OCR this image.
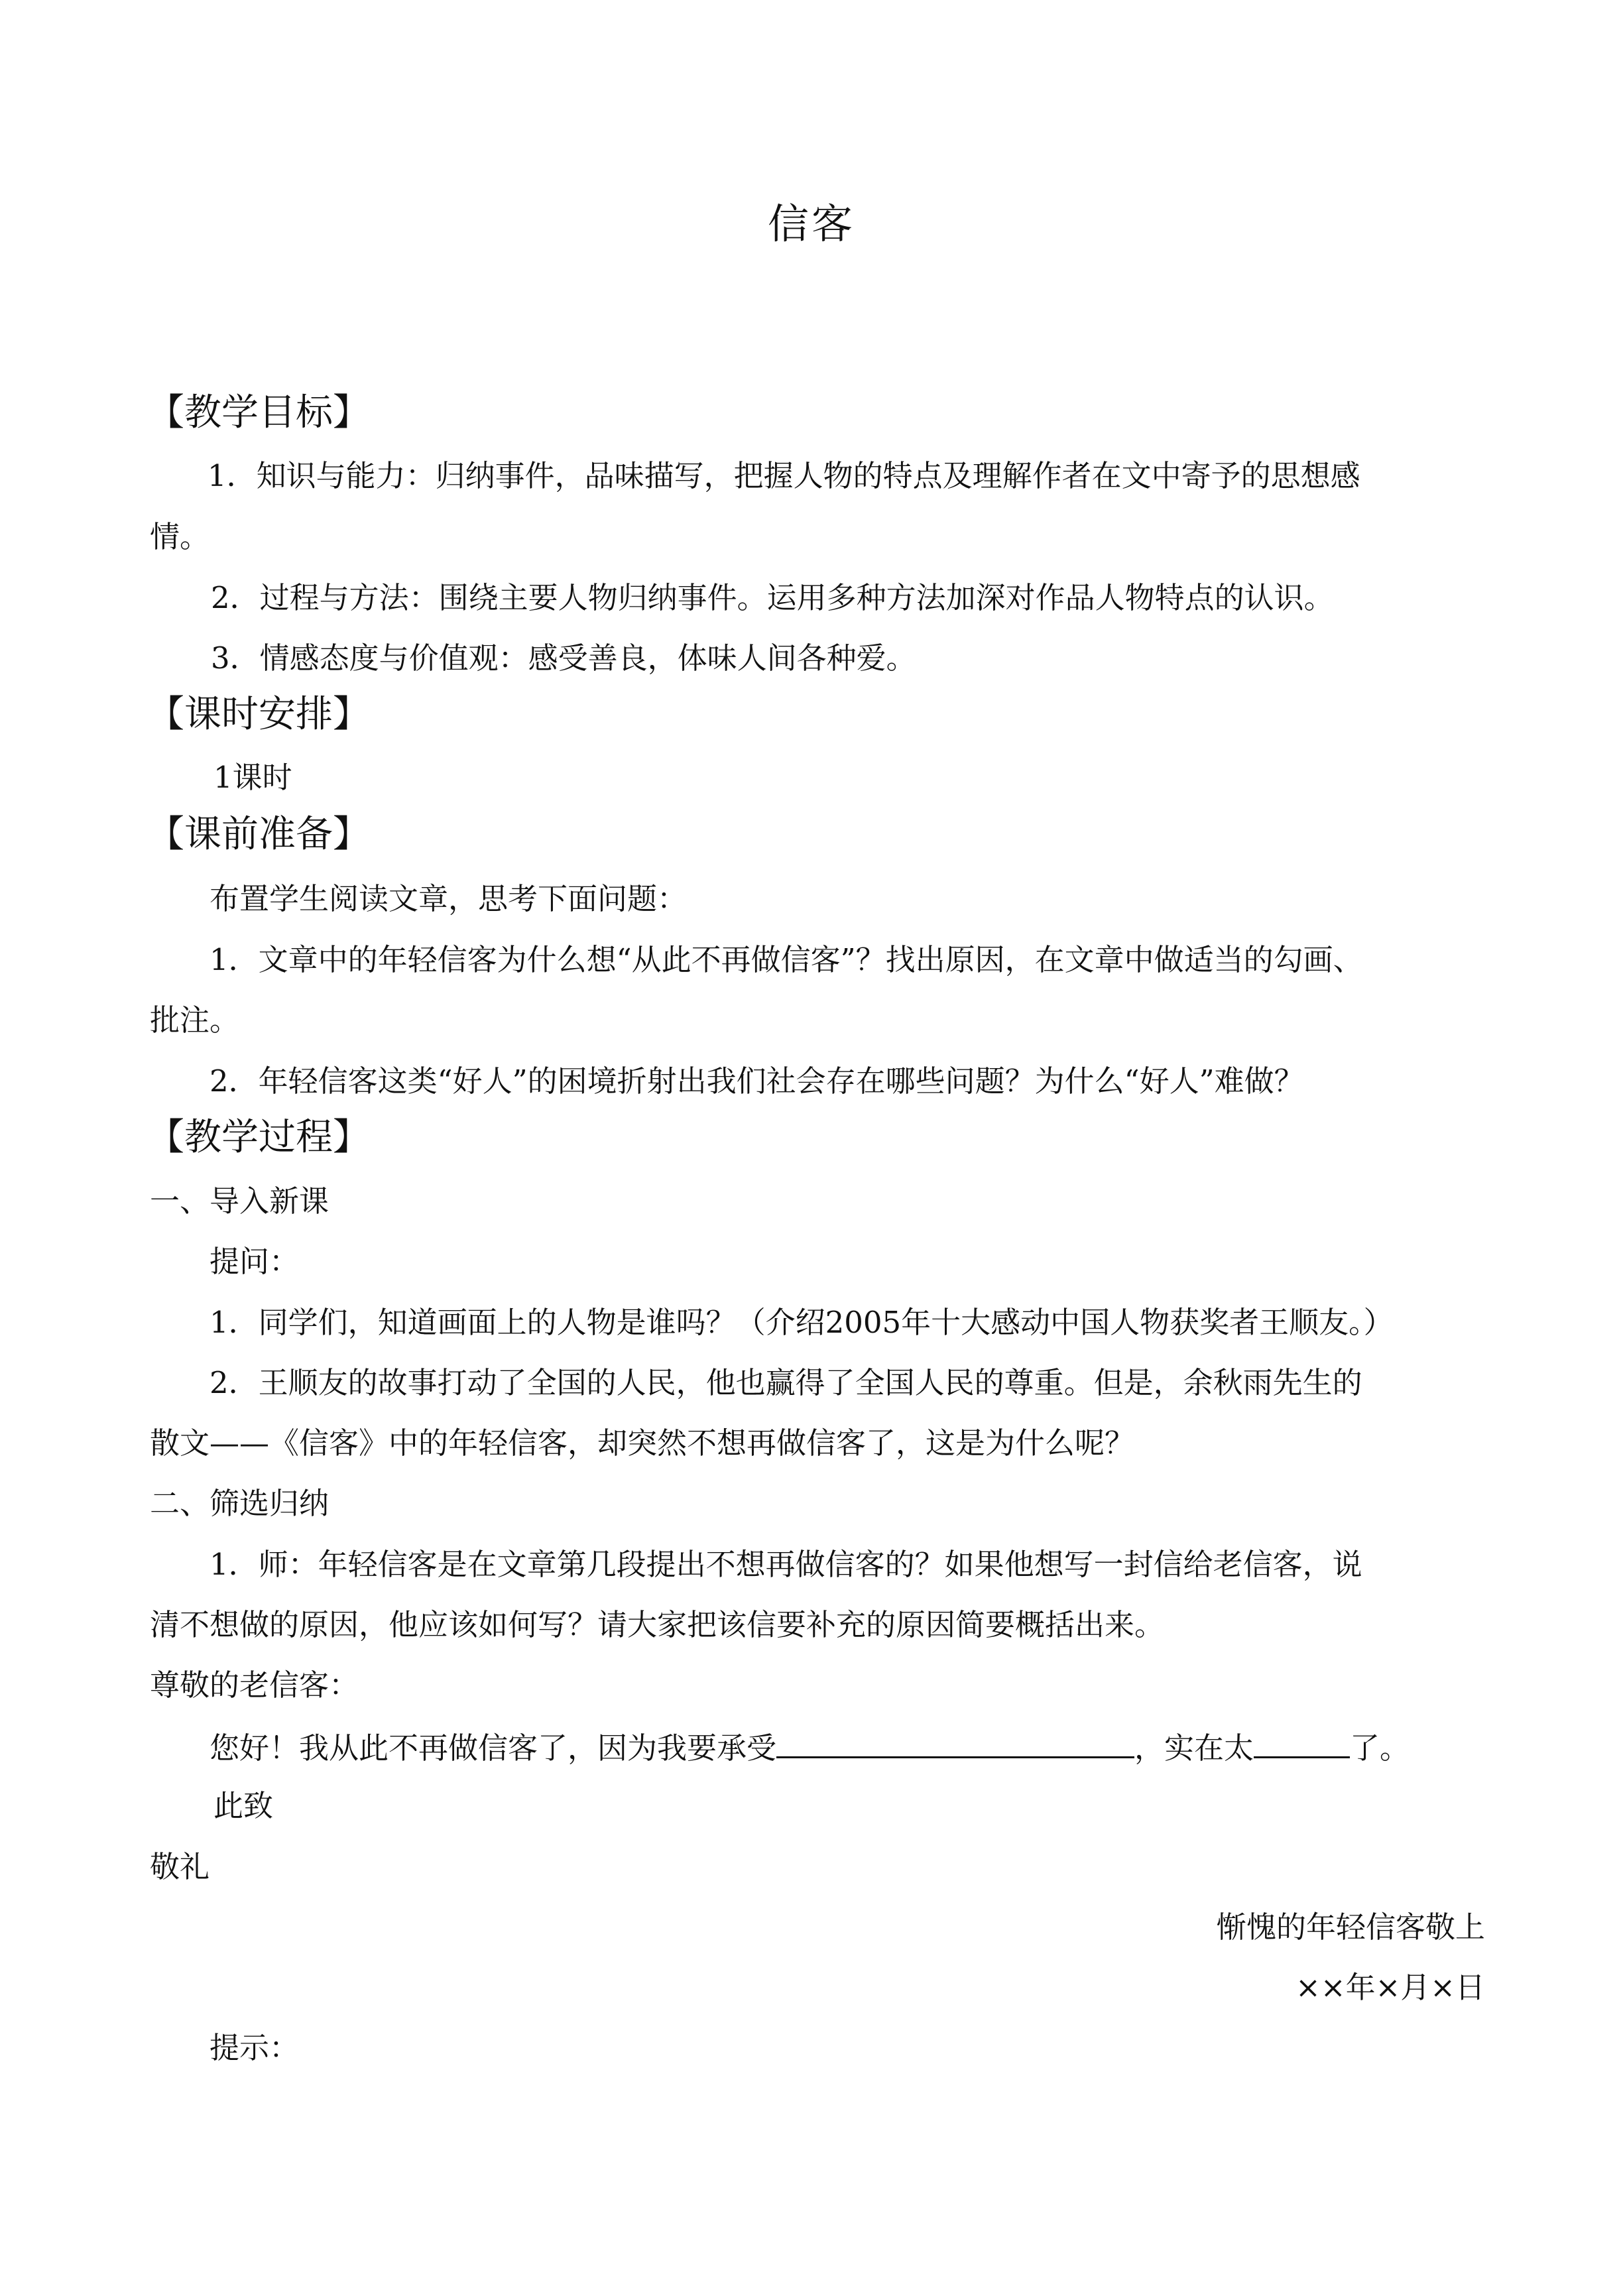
信客
【教学目标】
1．知识与能力：归纳事件，品味描写，把握人物的特点及理解作者在文中寄予的思想感
情。
2．过程与方法：围绕主要人物归纳事件。运用多种方法加深对作品人物特点的认识。
3．情感态度与价值观：感受善良，体味人间各种爱。
【课时安排】
1课时
【课前准备】
布置学生阅读文章，思考下面问题：
1．文章中的年轻信客为什么想“从此不再做信客”？找出原因，在文章中做适当的勾画、
批注。
2．年轻信客这类“好人”的困境折射出我们社会存在哪些问题？为什么“好人”难做？
【教学过程】
一、导入新课
提问：
1．同学们，知道画面上的人物是谁吗？（介绍2005年十大感动中国人物获奖者王顺友。）
2．王顺友的故事打动了全国的人民，他也赢得了全国人民的尊重。但是，余秋雨先生的
散文——《信客》中的年轻信客，却突然不想再做信客了，这是为什么呢？
二、筛选归纳
1．师：年轻信客是在文章第几段提出不想再做信客的？如果他想写一封信给老信客，说
清不想做的原因，他应该如何写？请大家把该信要补充的原因简要概括出来。
尊敬的老信客：
您好！我从此不再做信客了，因为我要承受	，实在太	了。
此致
敬礼
惭愧的年轻信客敬上
××年×月×日
提示：
